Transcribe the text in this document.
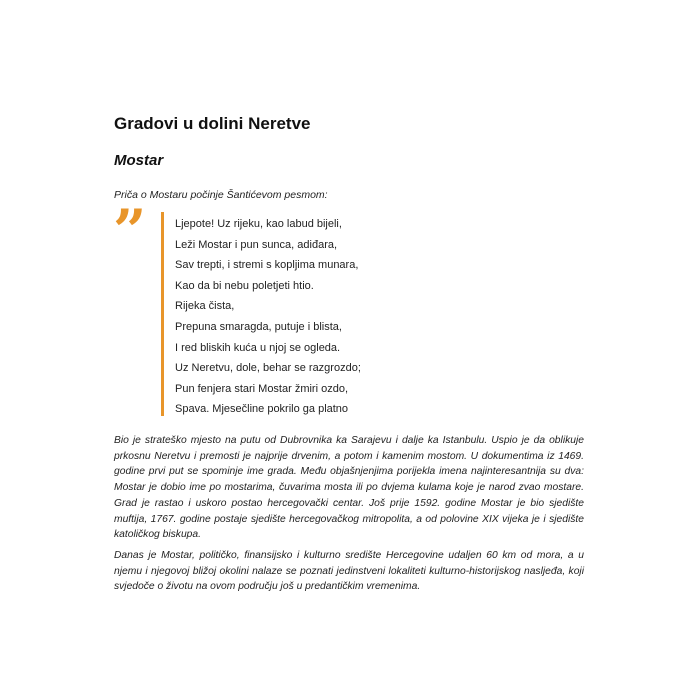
Gradovi u dolini Neretve
Mostar

Priča o Mostaru počinje Šantićevom pesmom:

”	Ljepote! Uz rijeku, kao labud bijeli,
Leži Mostar i pun sunca, adiđara,
Sav trepti, i stremi s kopljima munara,
Kao da bi nebu poletjeti htio.
Rijeka čista,
Prepuna smaragda, putuje i blista,
I red bliskih kuća u njoj se ogleda.
Uz Neretvu, dole, behar se razgrozdo;
Pun fenjera stari Mostar žmiri ozdo,
Spava. Mjesečline pokrilo ga platno

Bio je strateško mjesto na putu od Dubrovnika ka Sarajevu i dalje ka Istanbulu. Uspio je da oblikuje prkosnu Neretvu i premosti je najprije drvenim, a potom i kamenim mostom. U dokumentima iz 1469. godine prvi put se spominje ime grada. Među objašnjenjima porijekla imena najinteresantnija su dva: Mostar je dobio ime po mostarima, čuvarima mosta ili po dvjema kulama koje je narod zvao mostare. Grad je rastao i uskoro postao hercegovački centar. Još prije 1592. godine Mostar je bio sjedište muftija, 1767. godine postaje sjedište hercegovačkog mitropolita, a od polovine XIX vijeka je i sjedište katoličkog biskupa.

Danas je Mostar, političko, finansijsko i kulturno središte Hercegovine udaljen 60 km od mora, a u njemu i njegovoj bližoj okolini nalaze se poznati jedinstveni lokaliteti kulturno-historijskog nasljeđa, koji svjedoče o životu na ovom području još u predantičkim vremenima.
